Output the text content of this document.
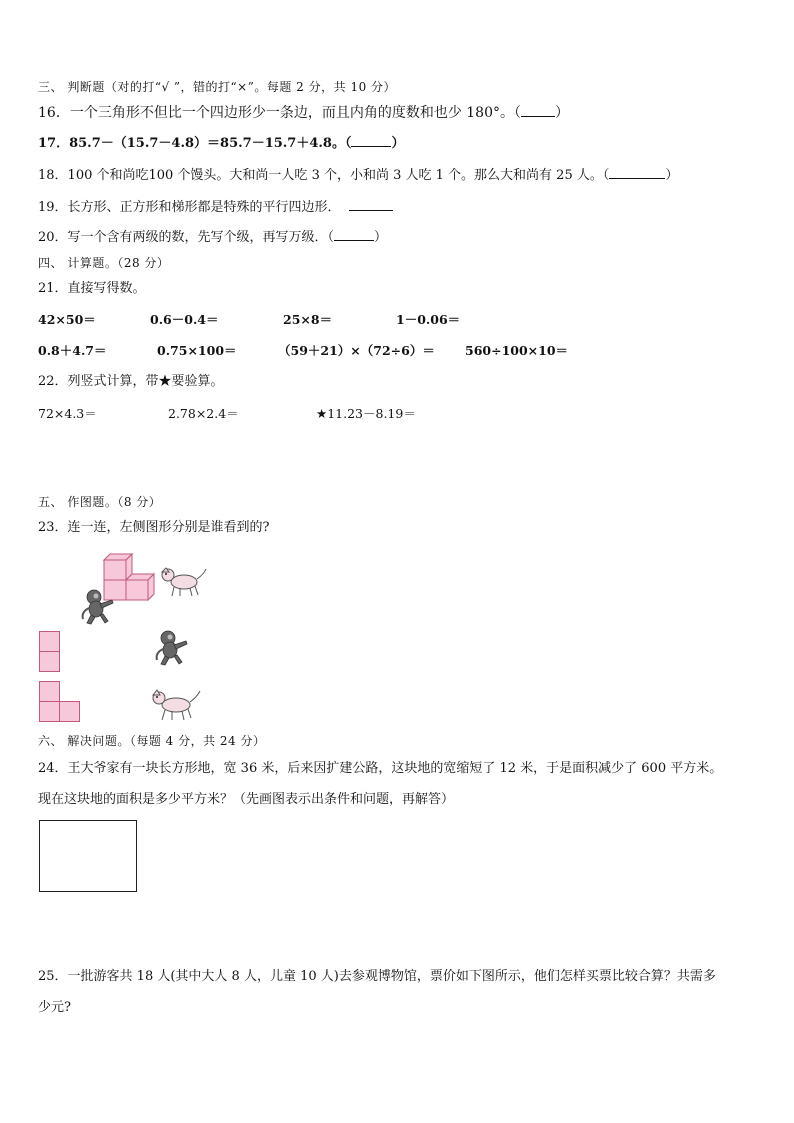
三、 判断题（对的打“√ ”，错的打“×”。每题 2 分，共 10 分）
16．一个三角形不但比一个四边形少一条边，而且内角的度数和也少 180°。（ ）
17．85.7－（15.7－4.8）＝85.7－15.7＋4.8。（	）
18．100 个和尚吃100 个馒头。大和尚一人吃 3 个，小和尚 3 人吃 1 个。那么大和尚有 25 人。（	）
19．长方形、正方形和梯形都是特殊的平行四边形．
20．写一个含有两级的数，先写个级，再写万级．（	）
四、 计算题。（28 分）
21．直接写得数。
42×50＝	0.6－0.4＝	25×8＝	1－0.06＝
0.8＋4.7＝	0.75×100＝	（59＋21）×（72÷6）＝ 560÷100×10＝
22．列竖式计算，带★要验算。
72×4.3＝	2.78×2.4＝	★11.23－8.19＝
五、 作图题。（8 分）
23．连一连，左侧图形分别是谁看到的?
六、 解决问题。（每题 4 分，共 24 分）
24．王大爷家有一块长方形地，宽 36 米，后来因扩建公路，这块地的宽缩短了 12 米，于是面积减少了 600 平方米。
现在这块地的面积是多少平方米？（先画图表示出条件和问题，再解答）
25．一批游客共 18 人(其中大人 8 人，儿童 10 人)去参观博物馆，票价如下图所示，他们怎样买票比较合算？共需多
少元?
